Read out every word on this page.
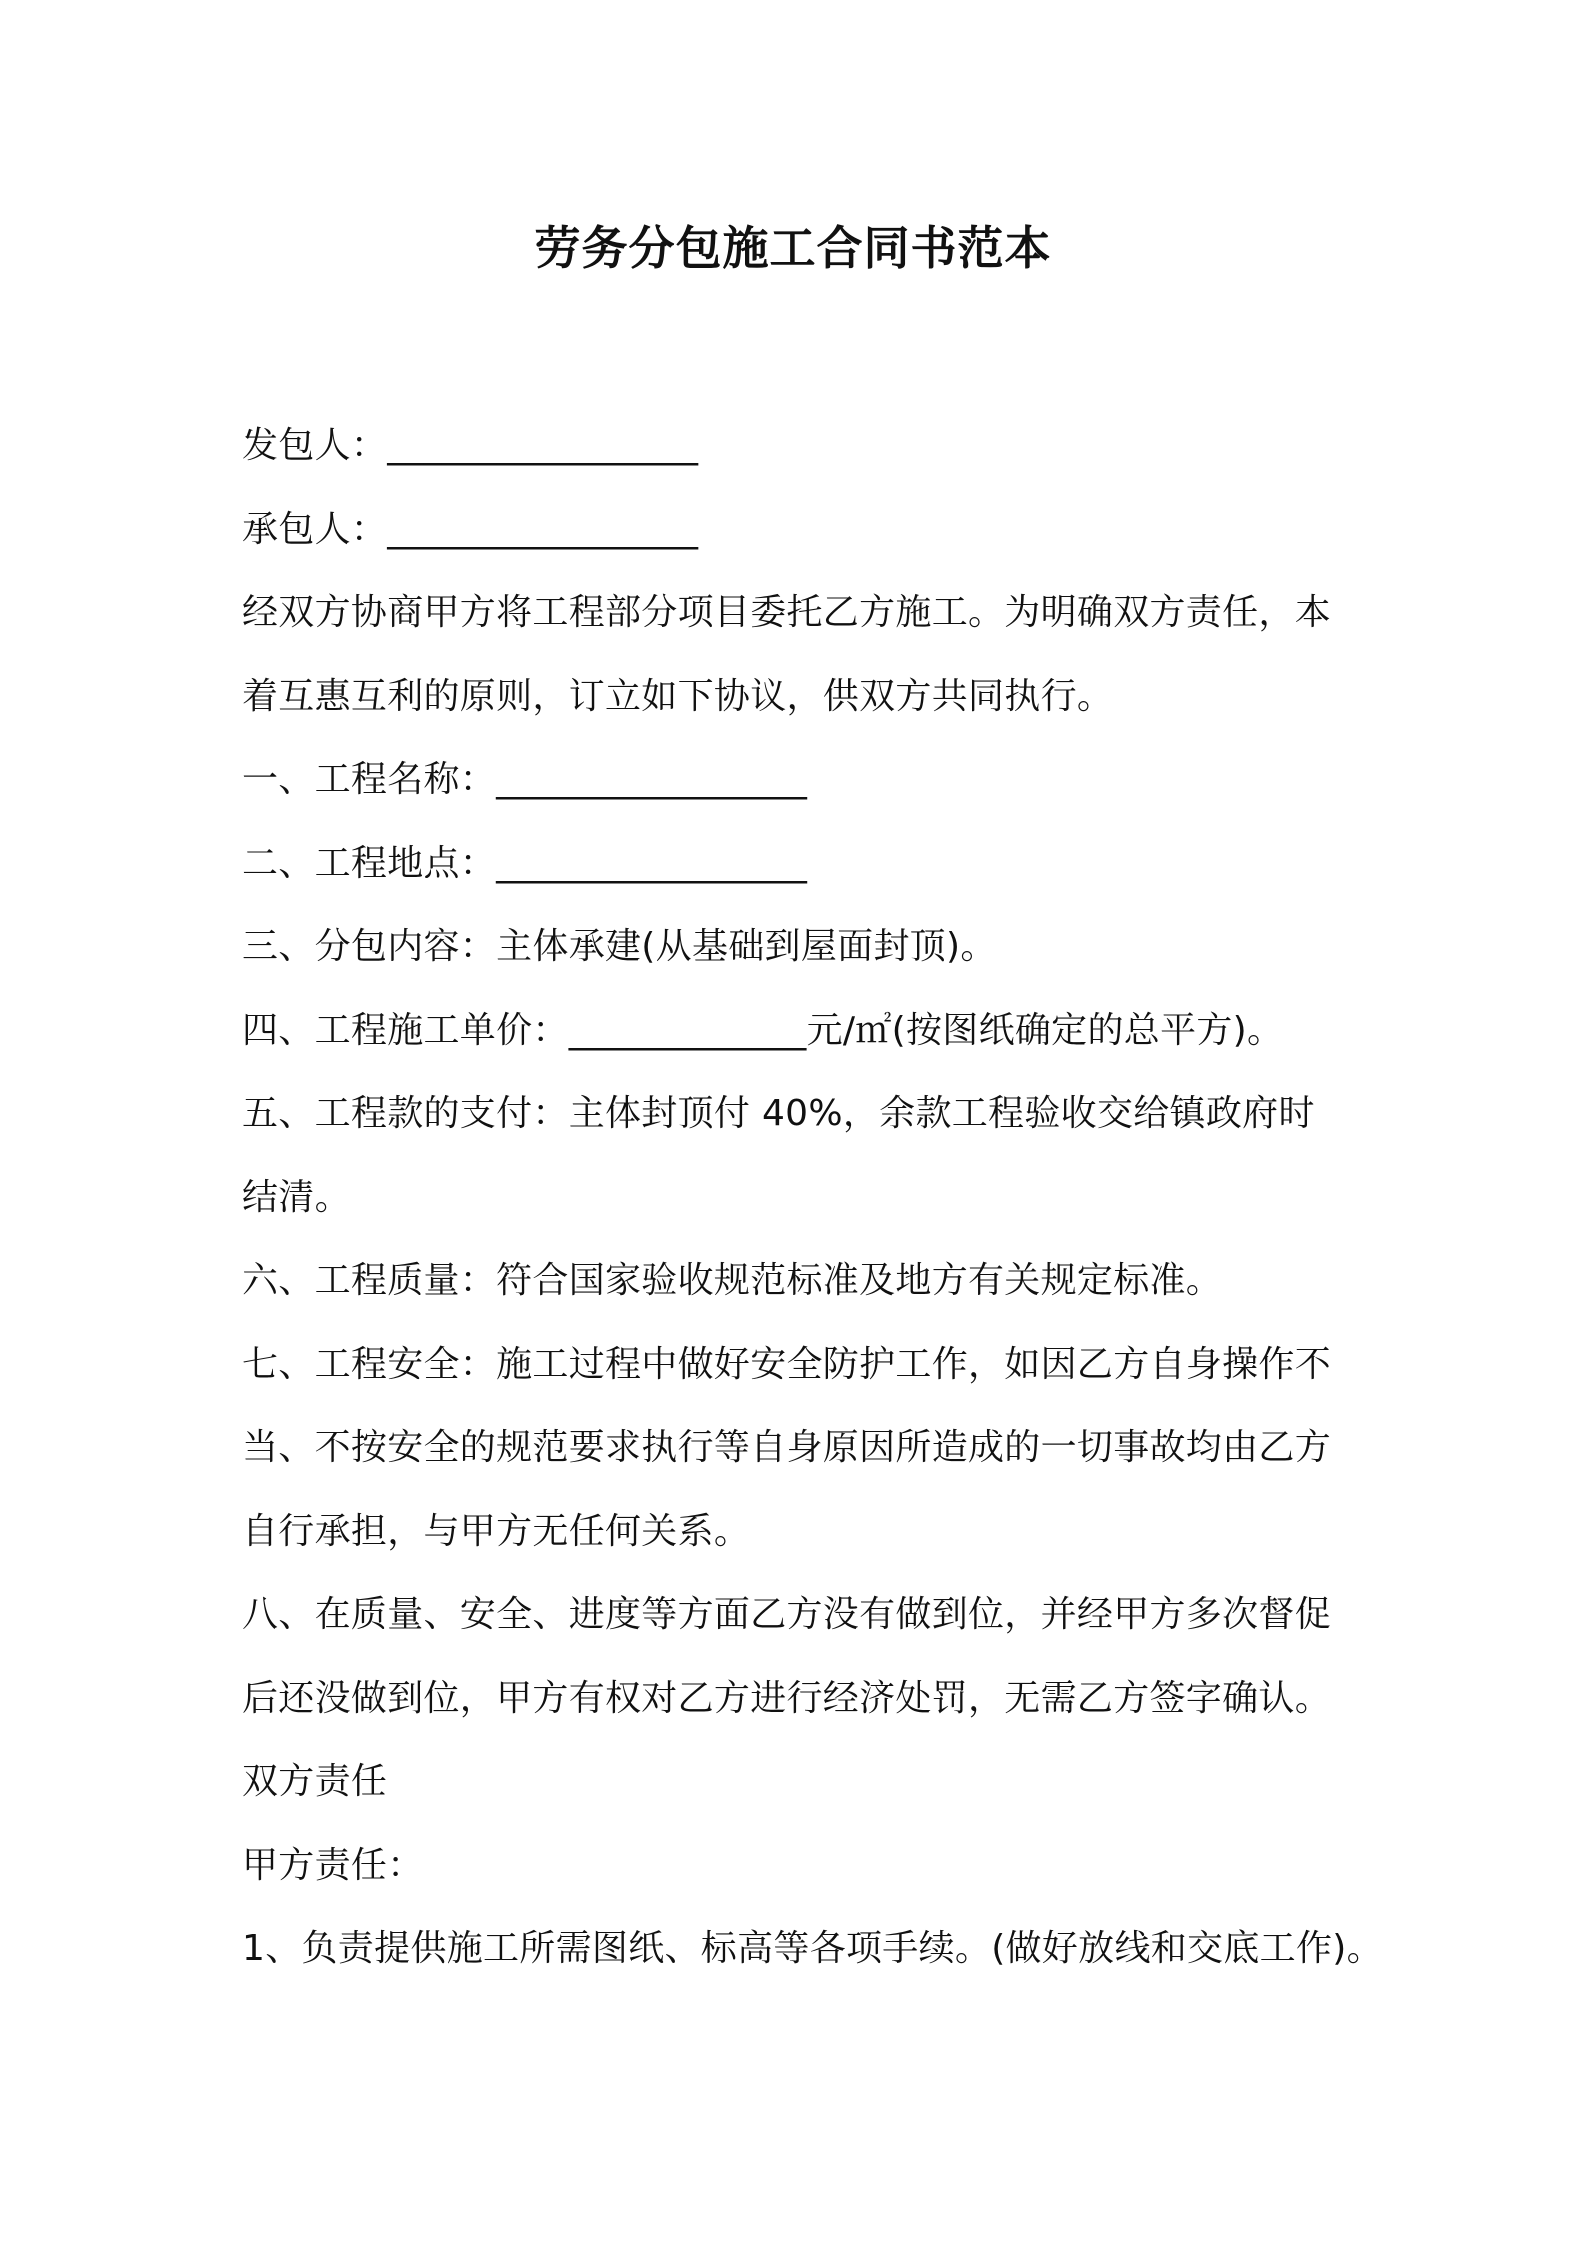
劳务分包施工合同书范本
发包人：_________________
承包人：_________________
经双方协商甲方将工程部分项目委托乙方施工。为明确双方责任，本
着互惠互利的原则，订立如下协议，供双方共同执行。
一、工程名称：_________________
二、工程地点：_________________
三、分包内容：主体承建(从基础到屋面封顶)。
四、工程施工单价：_____________元/㎡(按图纸确定的总平方)。
五、工程款的支付：主体封顶付 40%，余款工程验收交给镇政府时
结清。
六、工程质量：符合国家验收规范标准及地方有关规定标准。
七、工程安全：施工过程中做好安全防护工作，如因乙方自身操作不
当、不按安全的规范要求执行等自身原因所造成的一切事故均由乙方
自行承担，与甲方无任何关系。
八、在质量、安全、进度等方面乙方没有做到位，并经甲方多次督促
后还没做到位，甲方有权对乙方进行经济处罚，无需乙方签字确认。
双方责任
甲方责任：
1、负责提供施工所需图纸、标高等各项手续。(做好放线和交底工作)。
